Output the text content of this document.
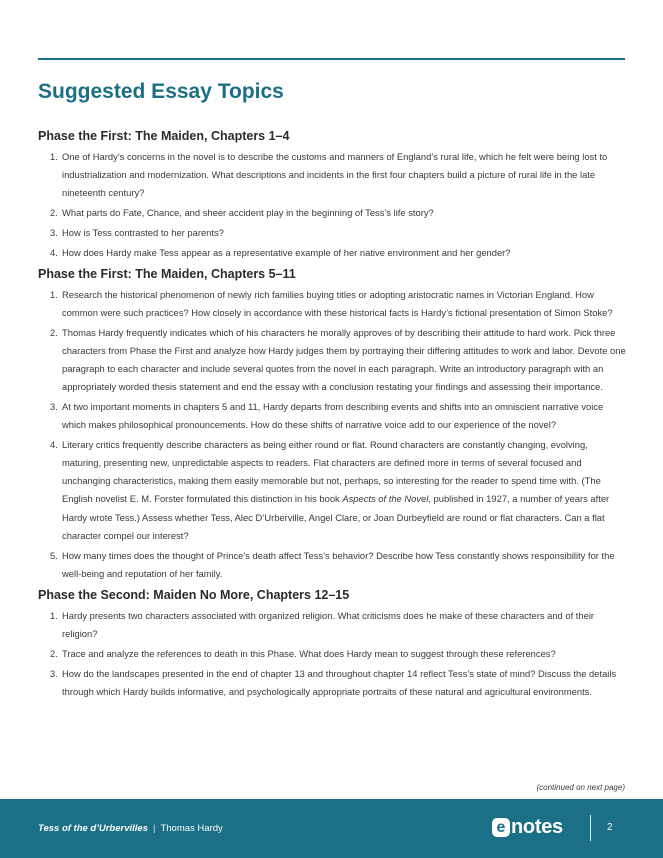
Suggested Essay Topics
Phase the First: The Maiden, Chapters 1–4
1. One of Hardy’s concerns in the novel is to describe the customs and manners of England’s rural life, which he felt were being lost to industrialization and modernization. What descriptions and incidents in the first four chapters build a picture of rural life in the late nineteenth century?
2. What parts do Fate, Chance, and sheer accident play in the beginning of Tess’s life story?
3. How is Tess contrasted to her parents?
4. How does Hardy make Tess appear as a representative example of her native environment and her gender?
Phase the First: The Maiden, Chapters 5–11
1. Research the historical phenomenon of newly rich families buying titles or adopting aristocratic names in Victorian England. How common were such practices? How closely in accordance with these historical facts is Hardy’s fictional presentation of Simon Stoke?
2. Thomas Hardy frequently indicates which of his characters he morally approves of by describing their attitude to hard work. Pick three characters from Phase the First and analyze how Hardy judges them by portraying their differing attitudes to work and labor. Devote one paragraph to each character and include several quotes from the novel in each paragraph. Write an introductory paragraph with an appropriately worded thesis statement and end the essay with a conclusion restating your findings and assessing their importance.
3. At two important moments in chapters 5 and 11, Hardy departs from describing events and shifts into an omniscient narrative voice which makes philosophical pronouncements. How do these shifts of narrative voice add to our experience of the novel?
4. Literary critics frequently describe characters as being either round or flat. Round characters are constantly changing, evolving, maturing, presenting new, unpredictable aspects to readers. Flat characters are defined more in terms of several focused and unchanging characteristics, making them easily memorable but not, perhaps, so interesting for the reader to spend time with. (The English novelist E. M. Forster formulated this distinction in his book Aspects of the Novel, published in 1927, a number of years after Hardy wrote Tess.) Assess whether Tess, Alec D’Urberville, Angel Clare, or Joan Durbeyfield are round or flat characters. Can a flat character compel our interest?
5. How many times does the thought of Prince’s death affect Tess’s behavior? Describe how Tess constantly shows responsibility for the well-being and reputation of her family.
Phase the Second: Maiden No More, Chapters 12–15
1. Hardy presents two characters associated with organized religion. What criticisms does he make of these characters and of their religion?
2. Trace and analyze the references to death in this Phase. What does Hardy mean to suggest through these references?
3. How do the landscapes presented in the end of chapter 13 and throughout chapter 14 reflect Tess’s state of mind? Discuss the details through which Hardy builds informative, and psychologically appropriate portraits of these natural and agricultural environments.
(continued on next page)
Tess of the d’Urbervilles | Thomas Hardy	e notes	2
